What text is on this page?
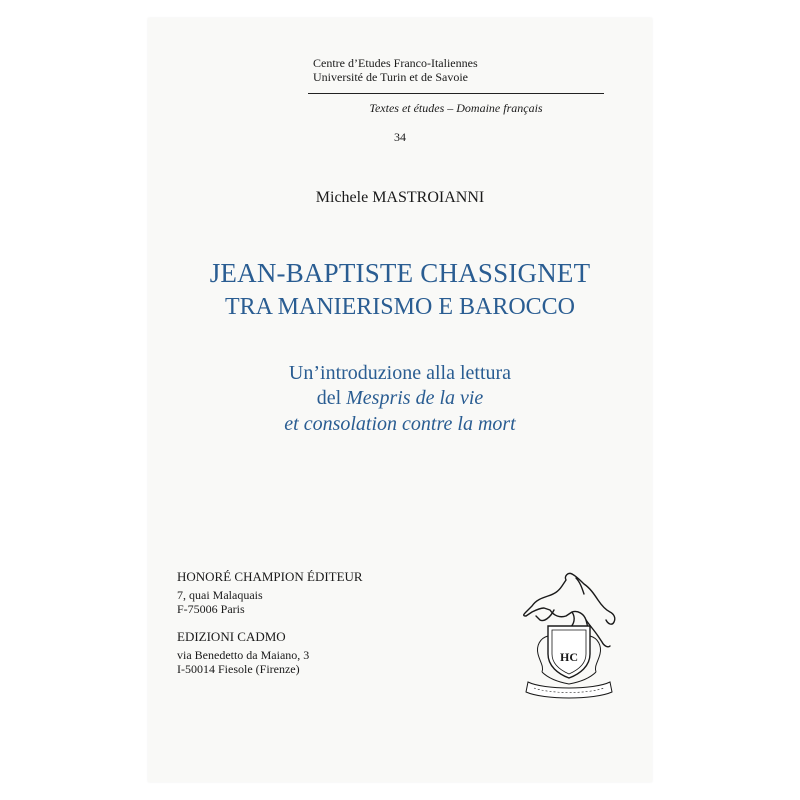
Centre d’Etudes Franco-Italiennes
Université de Turin et de Savoie
Textes et études – Domaine français
34
Michele MASTROIANNI
JEAN-BAPTISTE CHASSIGNET
TRA MANIERISMO E BAROCCO
Un’introduzione alla lettura
del Mespris de la vie
et consolation contre la mort
HONORÉ CHAMPION ÉDITEUR
7, quai Malaquais
F-75006 Paris
EDIZIONI CADMO
via Benedetto da Maiano, 3
I-50014 Fiesole (Firenze)
HC
